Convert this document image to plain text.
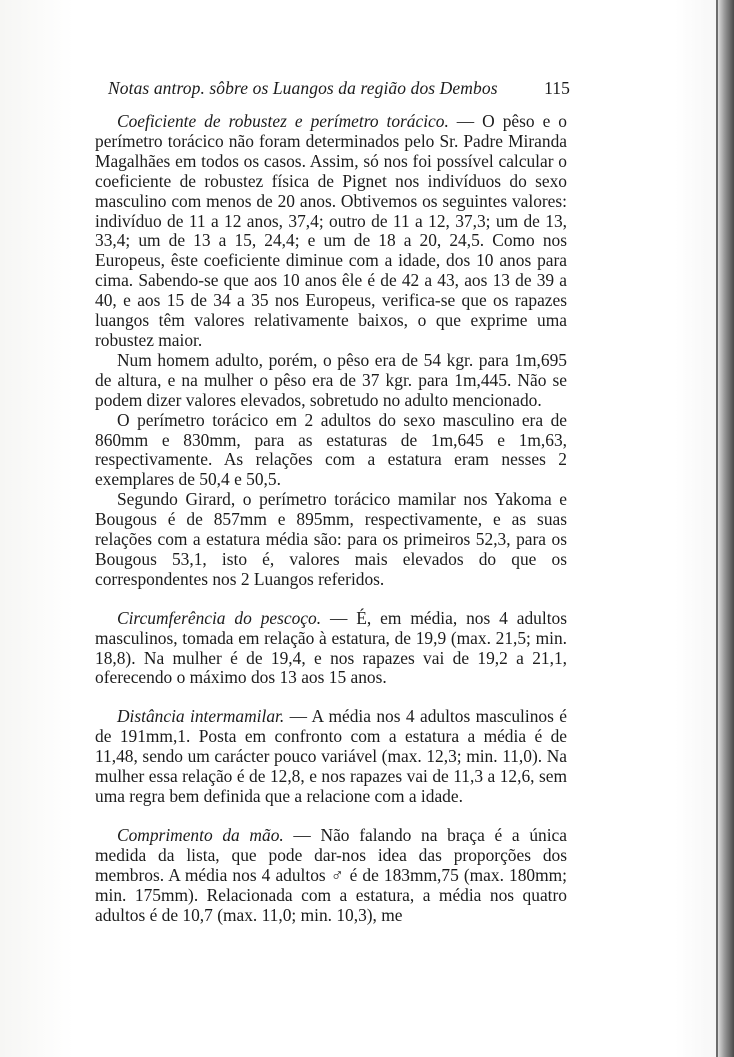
Notas antrop. sôbre os Luangos da região dos Dembos	115

Coeficiente de robustez e perímetro torácico. — O pêso e o perímetro torácico não foram determinados pelo Sr. Padre Miranda Magalhães em todos os casos. Assim, só nos foi possível calcular o coeficiente de robustez física de Pignet nos indivíduos do sexo masculino com menos de 20 anos. Obtivemos os seguintes valores: indivíduo de 11 a 12 anos, 37,4; outro de 11 a 12, 37,3; um de 13, 33,4; um de 13 a 15, 24,4; e um de 18 a 20, 24,5. Como nos Europeus, êste coeficiente diminue com a idade, dos 10 anos para cima. Sabendo-se que aos 10 anos êle é de 42 a 43, aos 13 de 39 a 40, e aos 15 de 34 a 35 nos Europeus, verifica-se que os rapazes luangos têm valores relativamente baixos, o que exprime uma robustez maior.

Num homem adulto, porém, o pêso era de 54 kgr. para 1m,695 de altura, e na mulher o pêso era de 37 kgr. para 1m,445. Não se podem dizer valores elevados, sobretudo no adulto mencionado.

O perímetro torácico em 2 adultos do sexo masculino era de 860mm e 830mm, para as estaturas de 1m,645 e 1m,63, respectivamente. As relações com a estatura eram nesses 2 exemplares de 50,4 e 50,5.

Segundo Girard, o perímetro torácico mamilar nos Yakoma e Bougous é de 857mm e 895mm, respectivamente, e as suas relações com a estatura média são: para os primeiros 52,3, para os Bougous 53,1, isto é, valores mais elevados do que os correspondentes nos 2 Luangos referidos.

Circumferência do pescoço. — É, em média, nos 4 adultos masculinos, tomada em relação à estatura, de 19,9 (max. 21,5; min. 18,8). Na mulher é de 19,4, e nos rapazes vai de 19,2 a 21,1, oferecendo o máximo dos 13 aos 15 anos.

Distância intermamilar. — A média nos 4 adultos masculinos é de 191mm,1. Posta em confronto com a estatura a média é de 11,48, sendo um carácter pouco variável (max. 12,3; min. 11,0). Na mulher essa relação é de 12,8, e nos rapazes vai de 11,3 a 12,6, sem uma regra bem definida que a relacione com a idade.

Comprimento da mão. — Não falando na braça é a única medida da lista, que pode dar-nos idea das proporções dos membros. A média nos 4 adultos ♂ é de 183mm,75 (max. 180mm; min. 175mm). Relacionada com a estatura, a média nos quatro adultos é de 10,7 (max. 11,0; min. 10,3), me
